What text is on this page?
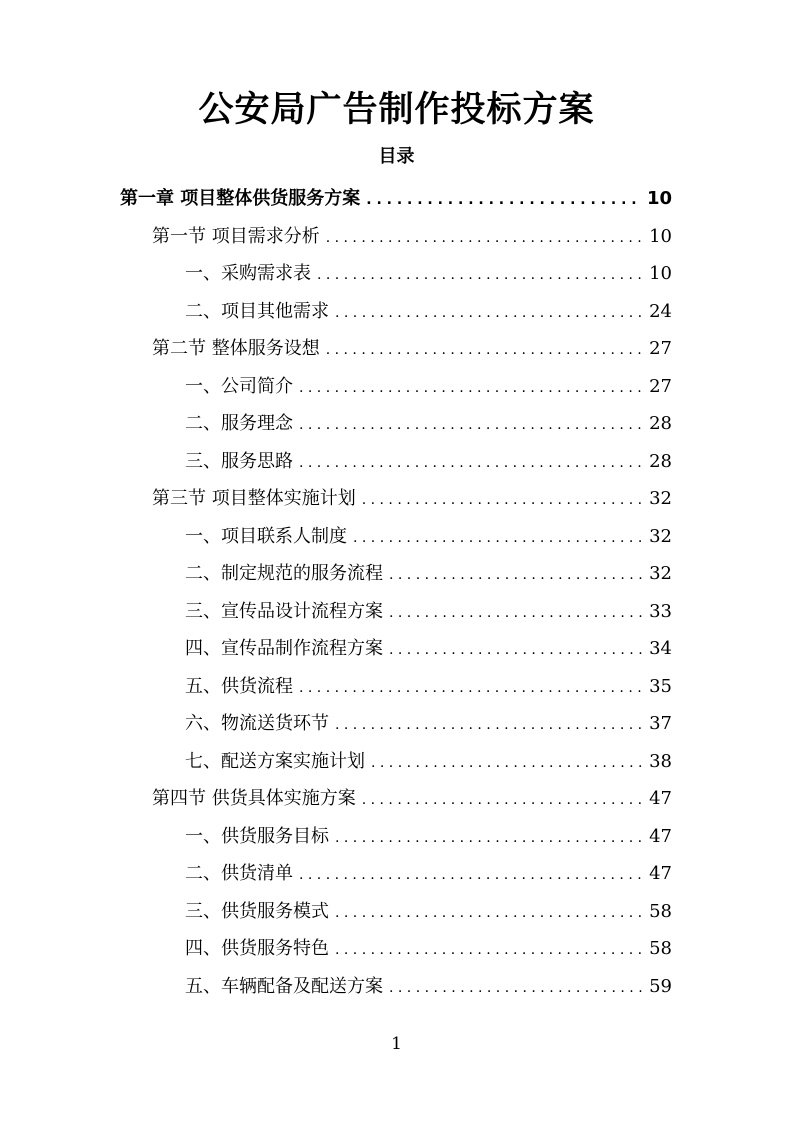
公安局广告制作投标方案
目录
第一章 项目整体供货服务方案 . . .	10
第一节 项目需求分析 . . .	10
一、采购需求表 . . .	10
二、项目其他需求 . . .	24
第二节 整体服务设想 . . .	27
一、公司简介 . . .	27
二、服务理念 . . .	28
三、服务思路 . . .	28
第三节 项目整体实施计划 . . .	32
一、项目联系人制度 . . .	32
二、制定规范的服务流程 . . .	32
三、宣传品设计流程方案 . . .	33
四、宣传品制作流程方案 . . .	34
五、供货流程 . . .	35
六、物流送货环节 . . .	37
七、配送方案实施计划 . . .	38
第四节 供货具体实施方案 . . .	47
一、供货服务目标 . . .	47
二、供货清单 . . .	47
三、供货服务模式 . . .	58
四、供货服务特色 . . .	58
五、车辆配备及配送方案 . . .	59
1
